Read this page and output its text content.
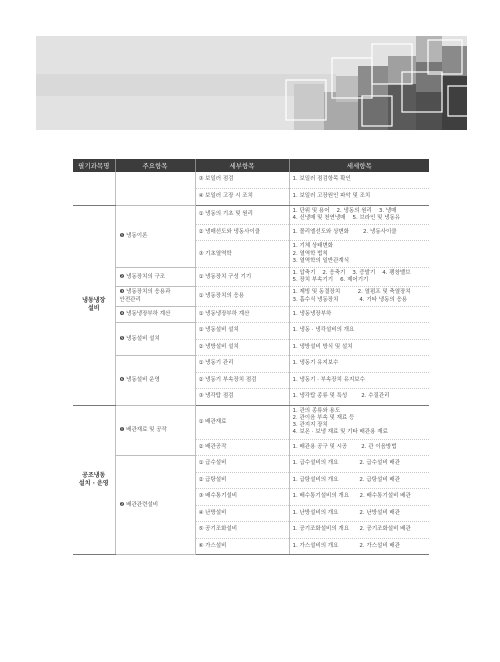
필기과목명	주요항목	세부항목	세세항목
		③ 보일러 점검	1. 보일러 점검항목 확인

		④ 보일러 고장 시 조치	1. 보일러 고장원인 파악 및 조치

냉동냉장
설비	❶ 냉동이론	① 냉동의 기초 및 원리	1. 단위 및 용어    2. 냉동의 원리    3. 냉매
4. 신냉매 및 천연냉매    5. 브라인 및 냉동유

		② 냉매선도와 냉동사이클	1. 몰리엘선도와 상변화        2. 냉동사이클

		③ 기초열역학	1. 기체 상태변화
2. 열역학 법칙
3. 열역학의 일반관계식

	❷ 냉동장치의 구조	① 냉동장치 구성 기기	1. 압축기    2. 응축기    3. 증발기    4. 팽창밸브
5. 장치 부속기기    6. 제어기기

	❸ 냉동장치의 응용과
안전관리	① 냉동장치의 응용	1. 제빙 및 동결장치          2. 열펌프 및 축열장치
3. 흡수식 냉동장치            4. 기타 냉동의 응용

	❹ 냉동냉장부하 계산	① 냉동냉장부하 계산	1. 냉동냉장부하

	❺ 냉동설비 설치	① 냉동설비 설치	1. 냉동 · 냉각설비의 개요

		② 냉방설비 설치	1. 냉방설비 방식 및 설치

	❻ 냉동설비 운영	① 냉동기 관리	1. 냉동기 유지보수

		② 냉동기 부속장치 점검	1. 냉동기 · 부속장치 유지보수

		③ 냉각탑 점검	1. 냉각탑 종류 및 특성        2. 수질관리

공조냉동
설치 · 운영	❶ 배관재료 및 공작	① 배관재료	1. 관의 종류와 용도
2. 관이음 부속 및 재료 등
3. 관지지 장치
4. 보온 · 보냉 재료 및 기타 배관용 재료

		② 배관공작	1. 배관용 공구 및 시공        2. 관 이음방법

	❷ 배관관련설비	① 급수설비	1. 급수설비의 개요            2. 급수설비 배관

		② 급탕설비	1. 급탕설비의 개요            2. 급탕설비 배관

		③ 배수통기설비	1. 배수통기설비의 개요      2. 배수통기설비 배관

		④ 난방설비	1. 난방설비의 개요            2. 난방설비 배관

		⑤ 공기조화설비	1. 공기조화설비의 개요      2. 공기조화설비 배관

		⑥ 가스설비	1. 가스설비의 개요            2. 가스설비 배관
